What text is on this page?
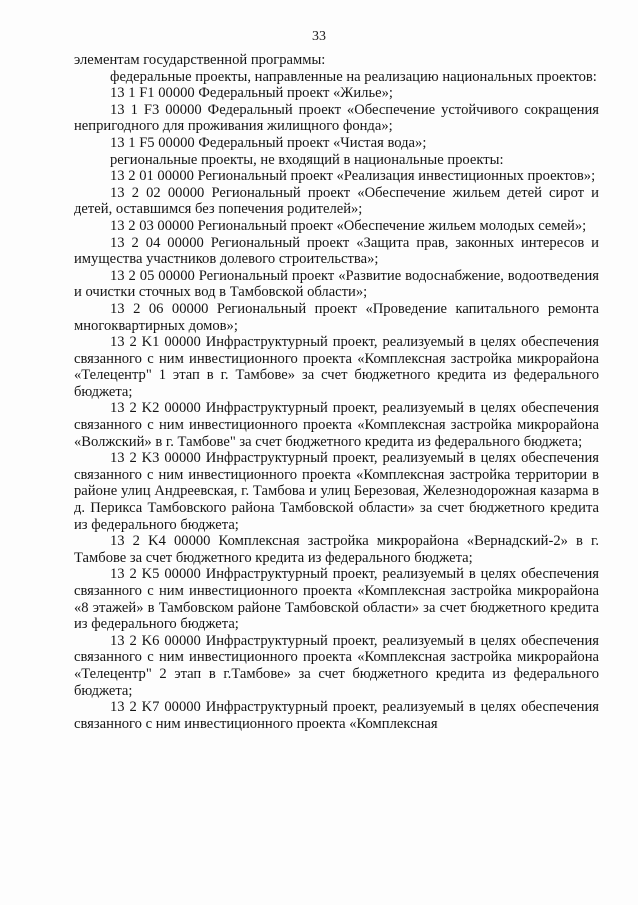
33

элементам государственной программы:

федеральные проекты, направленные на реализацию национальных проектов:

13 1 F1 00000 Федеральный проект «Жилье»;

13 1 F3 00000 Федеральный проект «Обеспечение устойчивого сокращения непригодного для проживания жилищного фонда»;

13 1 F5 00000 Федеральный проект «Чистая вода»;

региональные проекты, не входящий в национальные проекты:

13 2 01 00000 Региональный проект «Реализация инвестиционных проектов»;

13 2 02 00000 Региональный проект «Обеспечение жильем детей сирот и детей, оставшимся без попечения родителей»;

13 2 03 00000 Региональный проект «Обеспечение жильем молодых семей»;

13 2 04 00000 Региональный проект «Защита прав, законных интересов и имущества участников долевого строительства»;

13 2 05 00000 Региональный проект «Развитие водоснабжение, водоотведения и очистки сточных вод в Тамбовской области»;

13 2 06 00000 Региональный проект «Проведение капитального ремонта многоквартирных домов»;

13 2 K1 00000 Инфраструктурный проект, реализуемый в целях обеспечения связанного с ним инвестиционного проекта «Комплексная застройка микрорайона «Телецентр" 1 этап в г. Тамбове» за счет бюджетного кредита из федерального бюджета;

13 2 K2 00000 Инфраструктурный проект, реализуемый в целях обеспечения связанного с ним инвестиционного проекта «Комплексная застройка микрорайона «Волжский» в г. Тамбове" за счет бюджетного кредита из федерального бюджета;

13 2 K3 00000 Инфраструктурный проект, реализуемый в целях обеспечения связанного с ним инвестиционного проекта «Комплексная застройка территории в районе улиц Андреевская, г. Тамбова и улиц Березовая, Железнодорожная казарма в д. Перикса Тамбовского района Тамбовской области» за счет бюджетного кредита из федерального бюджета;

13 2 K4 00000 Комплексная застройка микрорайона «Вернадский-2» в г. Тамбове за счет бюджетного кредита из федерального бюджета;

13 2 K5 00000 Инфраструктурный проект, реализуемый в целях обеспечения связанного с ним инвестиционного проекта «Комплексная застройка микрорайона «8 этажей» в Тамбовском районе Тамбовской области» за счет бюджетного кредита из федерального бюджета;

13 2 K6 00000 Инфраструктурный проект, реализуемый в целях обеспечения связанного с ним инвестиционного проекта «Комплексная застройка микрорайона «Телецентр" 2 этап в г.Тамбове» за счет бюджетного кредита из федерального бюджета;

13 2 K7 00000 Инфраструктурный проект, реализуемый в целях обеспечения связанного с ним инвестиционного проекта «Комплексная
